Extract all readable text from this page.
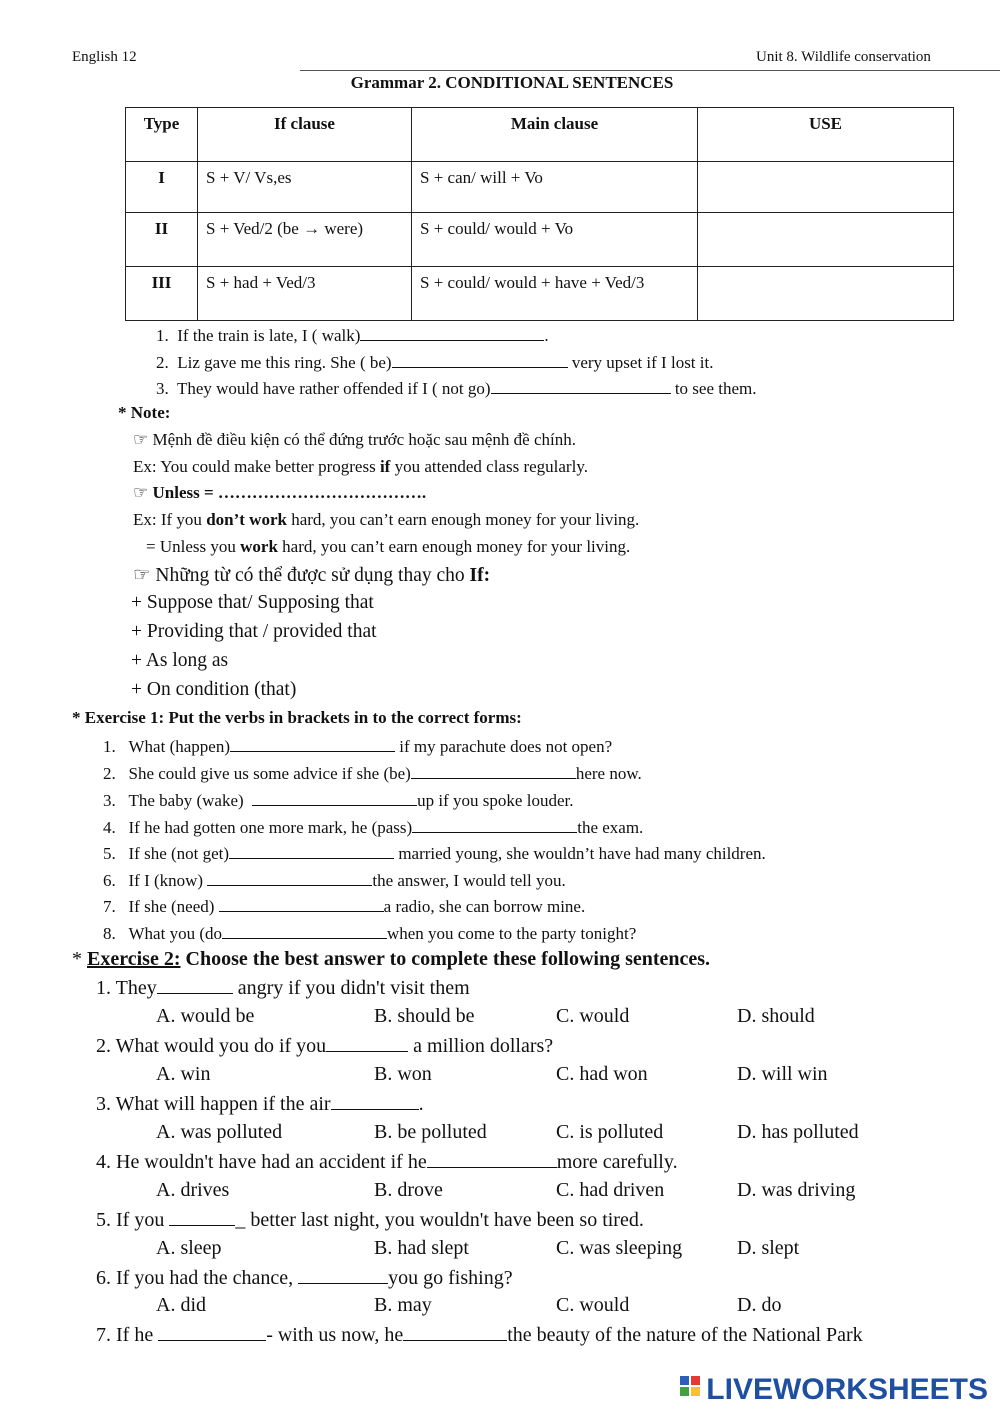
English 12	Unit 8. Wildlife conservation
Grammar 2. CONDITIONAL SENTENCES
Type	If clause	Main clause	USE
I	S + V/ Vs,es	S + can/ will + Vo	
II	S + Ved/2 (be → were)	S + could/ would + Vo	
III	S + had + Ved/3	S + could/ would + have + Ved/3	
1. If the train is late, I ( walk)	.
2. Liz gave me this ring. She ( be)	very upset if I lost it.
3. They would have rather offended if I ( not go)	to see them.
* Note:
☞ Mệnh đề điều kiện có thể đứng trước hoặc sau mệnh đề chính.
Ex: You could make better progress if you attended class regularly.
☞ Unless = ……………………………….
Ex: If you don’t work hard, you can’t earn enough money for your living.
= Unless you work hard, you can’t earn enough money for your living.
☞ Những từ có thể được sử dụng thay cho If:
+ Suppose that/ Supposing that
+ Providing that / provided that
+ As long as
+ On condition (that)
* Exercise 1: Put the verbs in brackets in to the correct forms:
1. What (happen)	if my parachute does not open?
2. She could give us some advice if she (be)	here now.
3. The baby (wake)	up if you spoke louder.
4. If he had gotten one more mark, he (pass)	the exam.
5. If she (not get)	married young, she wouldn’t have had many children.
6. If I (know)	the answer, I would tell you.
7. If she (need)	a radio, she can borrow mine.
8. What you (do	when you come to the party tonight?
* Exercise 2: Choose the best answer to complete these following sentences.
1. They	angry if you didn't visit them
A. would be	B. should be	C. would	D. should
2. What would you do if you	a million dollars?
A. win	B. won	C. had won	D. will win
3. What will happen if the air	.
A. was polluted	B. be polluted	C. is polluted	D. has polluted
4. He wouldn't have had an accident if he	more carefully.
A. drives	B. drove	C. had driven	D. was driving
5. If you	_ better last night, you wouldn't have been so tired.
A. sleep	B. had slept	C. was sleeping	D. slept
6. If you had the chance,	you go fishing?
A. did	B. may	C. would	D. do
7. If he	- with us now, he	the beauty of the nature of the National Park
LIVEWORKSHEETS
